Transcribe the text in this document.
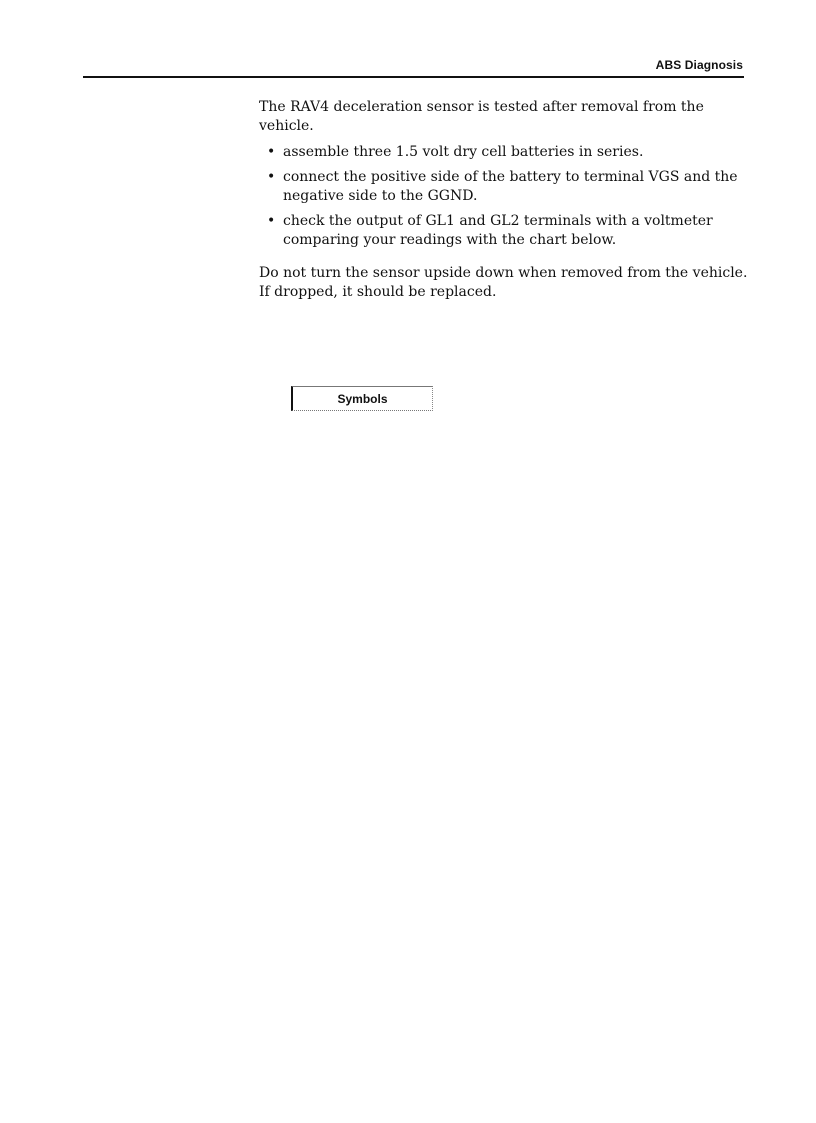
ABS Diagnosis

The RAV4 deceleration sensor is tested after removal from the vehicle.

• assemble three 1.5 volt dry cell batteries in series.
• connect the positive side of the battery to terminal VGS and the negative side to the GGND.
• check the output of GL1 and GL2 terminals with a voltmeter comparing your readings with the chart below.

Do not turn the sensor upside down when removed from the vehicle. If dropped, it should be replaced.

Symbols
